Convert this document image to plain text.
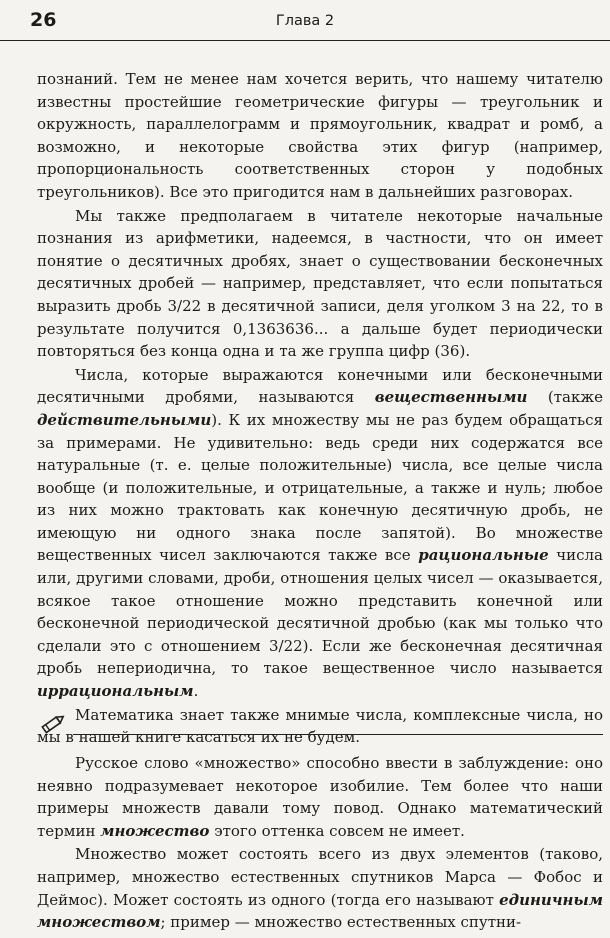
26	Глава 2

познаний. Тем не менее нам хочется верить, что нашему читателю известны простейшие геометрические фигуры — треугольник и окружность, параллелограмм и прямоугольник, квадрат и ромб, а возможно, и некоторые свойства этих фигур (например, пропорциональность соответственных сторон у подобных треугольников). Все это пригодится нам в дальнейших разговорах.

Мы также предполагаем в читателе некоторые начальные познания из арифметики, надеемся, в частности, что он имеет понятие о десятичных дробях, знает о существовании бесконечных десятичных дробей — например, представляет, что если попытаться выразить дробь 3/22 в десятичной записи, деля уголком 3 на 22, то в результате получится 0,1363636... а дальше будет периодически повторяться без конца одна и та же группа цифр (36).

Числа, которые выражаются конечными или бесконечными десятичными дробями, называются вещественными (также действительными). К их множеству мы не раз будем обращаться за примерами. Не удивительно: ведь среди них содержатся все натуральные (т. е. целые положительные) числа, все целые числа вообще (и положительные, и отрицательные, а также и нуль; любое из них можно трактовать как конечную десятичную дробь, не имеющую ни одного знака после запятой). Во множестве вещественных чисел заключаются также все рациональные числа или, другими словами, дроби, отношения целых чисел — оказывается, всякое такое отношение можно представить конечной или бесконечной периодической десятичной дробью (как мы только что сделали это с отношением 3/22). Если же бесконечная десятичная дробь непериодична, то такое вещественное число называется иррациональным.

Математика знает также мнимые числа, комплексные числа, но мы в нашей книге касаться их не будем.

Русское слово «множество» способно ввести в заблуждение: оно неявно подразумевает некоторое изобилие. Тем более что наши примеры множеств давали тому повод. Однако математический термин множество этого оттенка совсем не имеет.

Множество может состоять всего из двух элементов (таково, например, множество естественных спутников Марса — Фобос и Деймос). Может состоять из одного (тогда его называют единичным множеством; пример — множество естественных спутни-
